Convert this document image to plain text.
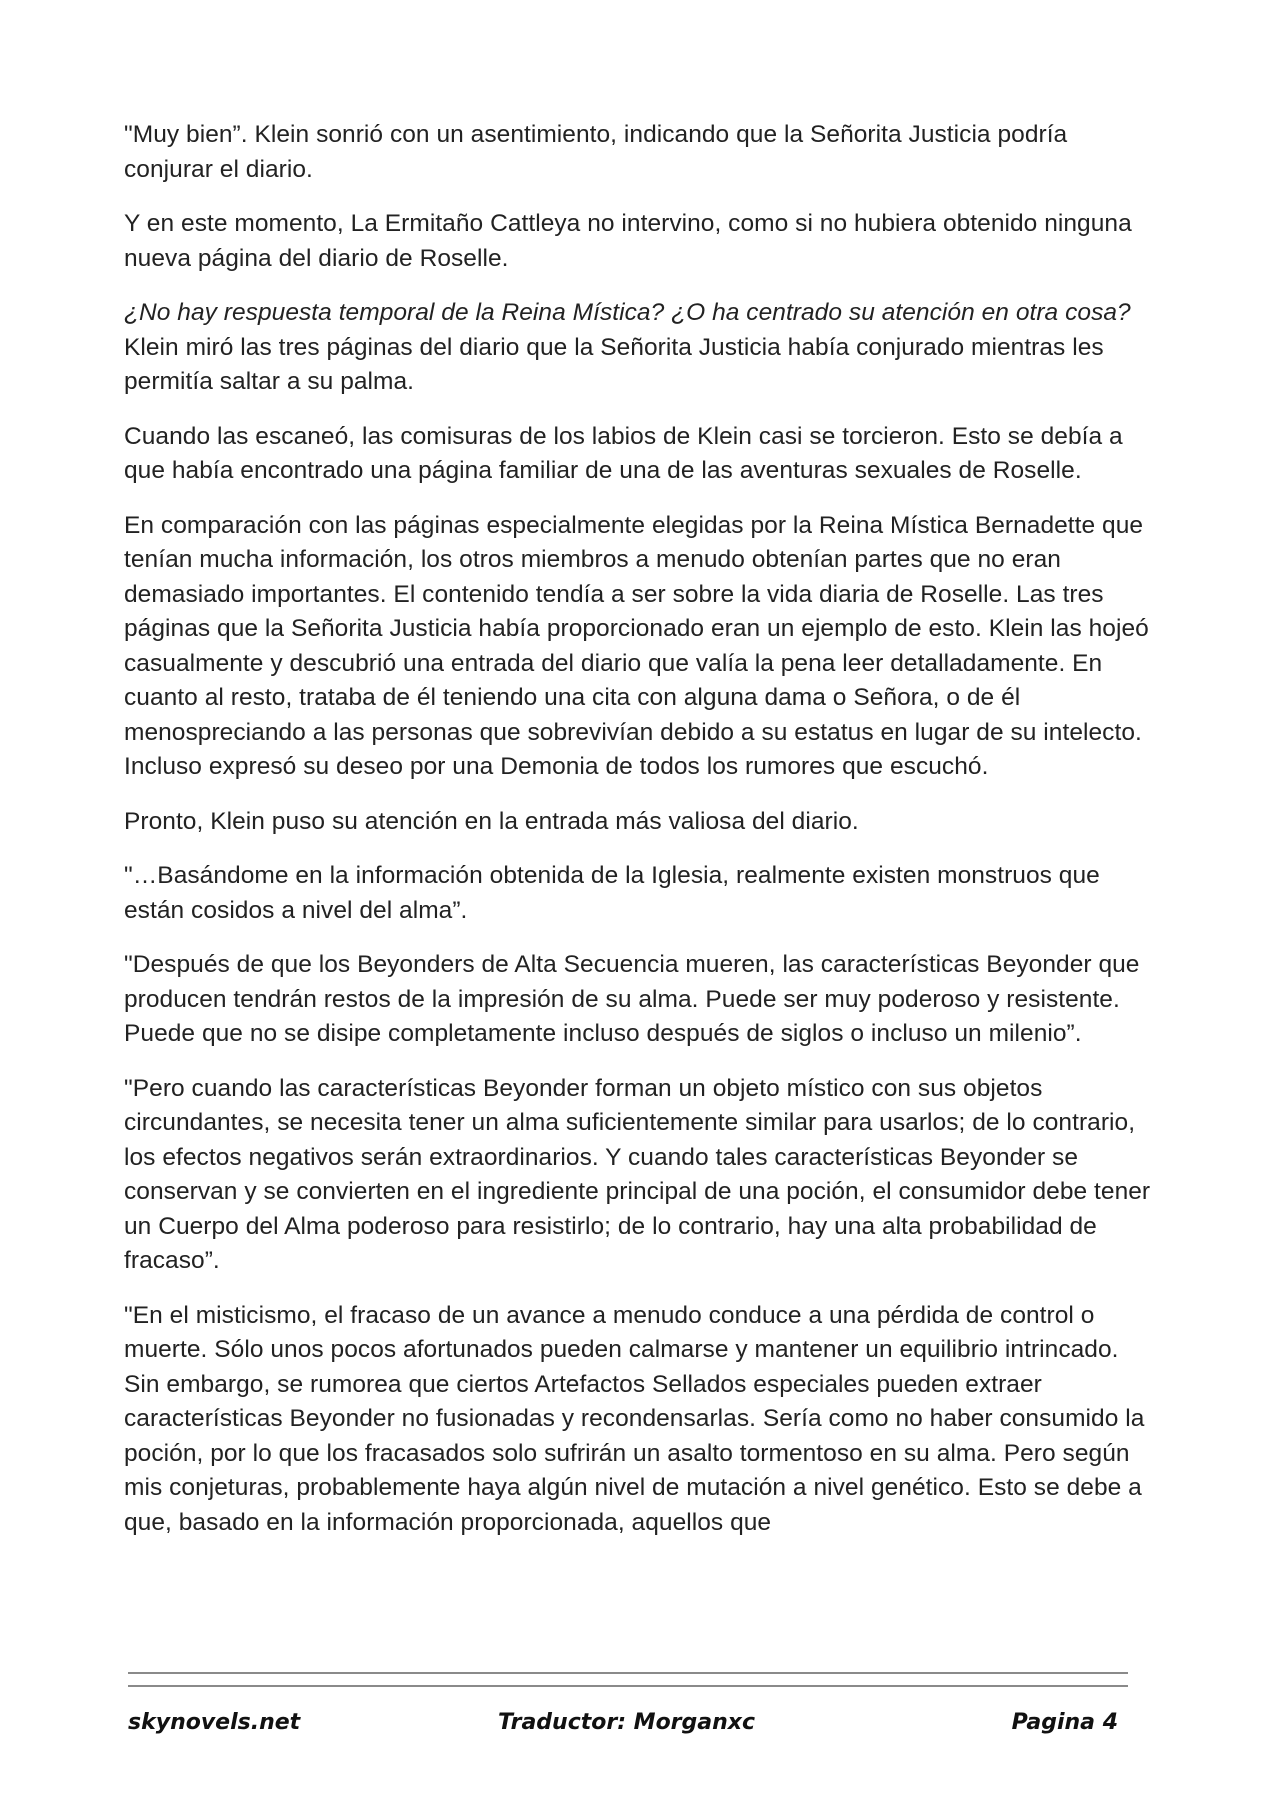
"Muy bien”. Klein sonrió con un asentimiento, indicando que la Señorita Justicia podría conjurar el diario.

Y en este momento, La Ermitaño Cattleya no intervino, como si no hubiera obtenido ninguna nueva página del diario de Roselle.

¿No hay respuesta temporal de la Reina Mística? ¿O ha centrado su atención en otra cosa? Klein miró las tres páginas del diario que la Señorita Justicia había conjurado mientras les permitía saltar a su palma.

Cuando las escaneó, las comisuras de los labios de Klein casi se torcieron. Esto se debía a que había encontrado una página familiar de una de las aventuras sexuales de Roselle.

En comparación con las páginas especialmente elegidas por la Reina Mística Bernadette que tenían mucha información, los otros miembros a menudo obtenían partes que no eran demasiado importantes. El contenido tendía a ser sobre la vida diaria de Roselle. Las tres páginas que la Señorita Justicia había proporcionado eran un ejemplo de esto. Klein las hojeó casualmente y descubrió una entrada del diario que valía la pena leer detalladamente. En cuanto al resto, trataba de él teniendo una cita con alguna dama o Señora, o de él menospreciando a las personas que sobrevivían debido a su estatus en lugar de su intelecto. Incluso expresó su deseo por una Demonia de todos los rumores que escuchó.

Pronto, Klein puso su atención en la entrada más valiosa del diario.

"…Basándome en la información obtenida de la Iglesia, realmente existen monstruos que están cosidos a nivel del alma”.

"Después de que los Beyonders de Alta Secuencia mueren, las características Beyonder que producen tendrán restos de la impresión de su alma. Puede ser muy poderoso y resistente. Puede que no se disipe completamente incluso después de siglos o incluso un milenio”.

"Pero cuando las características Beyonder forman un objeto místico con sus objetos circundantes, se necesita tener un alma suficientemente similar para usarlos; de lo contrario, los efectos negativos serán extraordinarios. Y cuando tales características Beyonder se conservan y se convierten en el ingrediente principal de una poción, el consumidor debe tener un Cuerpo del Alma poderoso para resistirlo; de lo contrario, hay una alta probabilidad de fracaso”.

"En el misticismo, el fracaso de un avance a menudo conduce a una pérdida de control o muerte. Sólo unos pocos afortunados pueden calmarse y mantener un equilibrio intrincado. Sin embargo, se rumorea que ciertos Artefactos Sellados especiales pueden extraer características Beyonder no fusionadas y recondensarlas. Sería como no haber consumido la poción, por lo que los fracasados solo sufrirán un asalto tormentoso en su alma. Pero según mis conjeturas, probablemente haya algún nivel de mutación a nivel genético. Esto se debe a que, basado en la información proporcionada, aquellos que

skynovels.net	Traductor: Morganxc	Pagina 4
